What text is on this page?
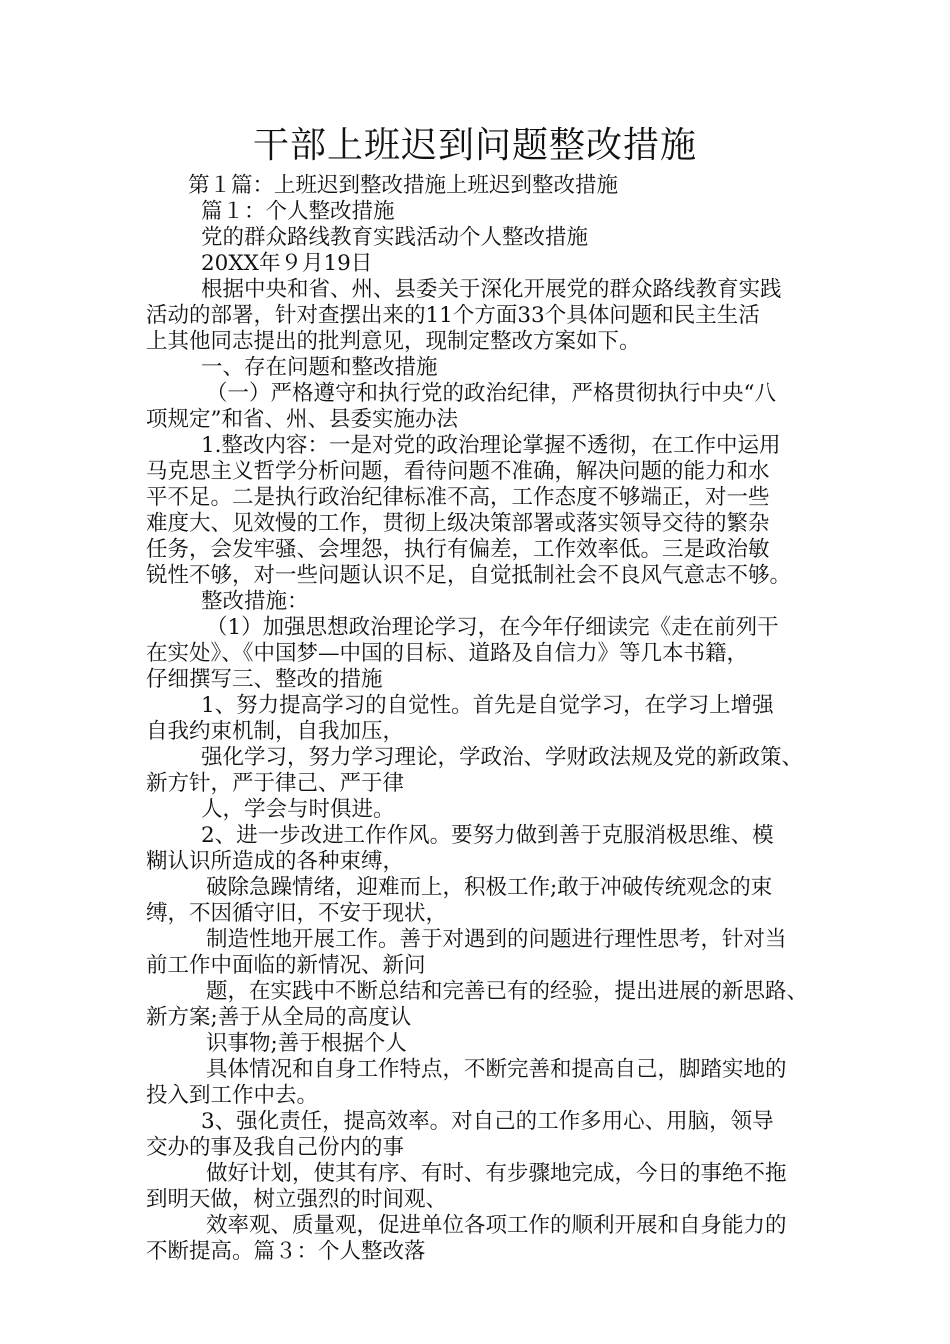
干部上班迟到问题整改措施

第１篇：上班迟到整改措施上班迟到整改措施

篇１：个人整改措施

党的群众路线教育实践活动个人整改措施

20XX年９月19日

根据中央和省、州、县委关于深化开展党的群众路线教育实践

活动的部署，针对查摆出来的11个方面33个具体问题和民主生活

上其他同志提出的批判意见，现制定整改方案如下。

一、存在问题和整改措施

（一）严格遵守和执行党的政治纪律，严格贯彻执行中央“八

项规定”和省、州、县委实施办法

1.整改内容：一是对党的政治理论掌握不透彻，在工作中运用

马克思主义哲学分析问题，看待问题不准确，解决问题的能力和水

平不足。二是执行政治纪律标准不高，工作态度不够端正，对一些

难度大、见效慢的工作，贯彻上级决策部署或落实领导交待的繁杂

任务，会发牢骚、会埋怨，执行有偏差，工作效率低。三是政治敏

锐性不够，对一些问题认识不足，自觉抵制社会不良风气意志不够。

整改措施：

（1）加强思想政治理论学习，在今年仔细读完《走在前列干

在实处》、《中国梦—中国的目标、道路及自信力》等几本书籍，

仔细撰写三、整改的措施

1、努力提高学习的自觉性。首先是自觉学习，在学习上增强

自我约束机制，自我加压，

强化学习，努力学习理论，学政治、学财政法规及党的新政策、

新方针，严于律己、严于律

人，学会与时俱进。

2、进一步改进工作作风。要努力做到善于克服消极思维、模

糊认识所造成的各种束缚，

破除急躁情绪，迎难而上，积极工作;敢于冲破传统观念的束

缚，不因循守旧，不安于现状，

制造性地开展工作。善于对遇到的问题进行理性思考，针对当

前工作中面临的新情况、新问

题，在实践中不断总结和完善已有的经验，提出进展的新思路、

新方案;善于从全局的高度认

识事物;善于根据个人

具体情况和自身工作特点，不断完善和提高自己，脚踏实地的

投入到工作中去。

3、强化责任，提高效率。对自己的工作多用心、用脑，领导

交办的事及我自己份内的事

做好计划，使其有序、有时、有步骤地完成，今日的事绝不拖

到明天做，树立强烈的时间观、

效率观、质量观，促进单位各项工作的顺利开展和自身能力的

不断提高。篇３：个人整改落
